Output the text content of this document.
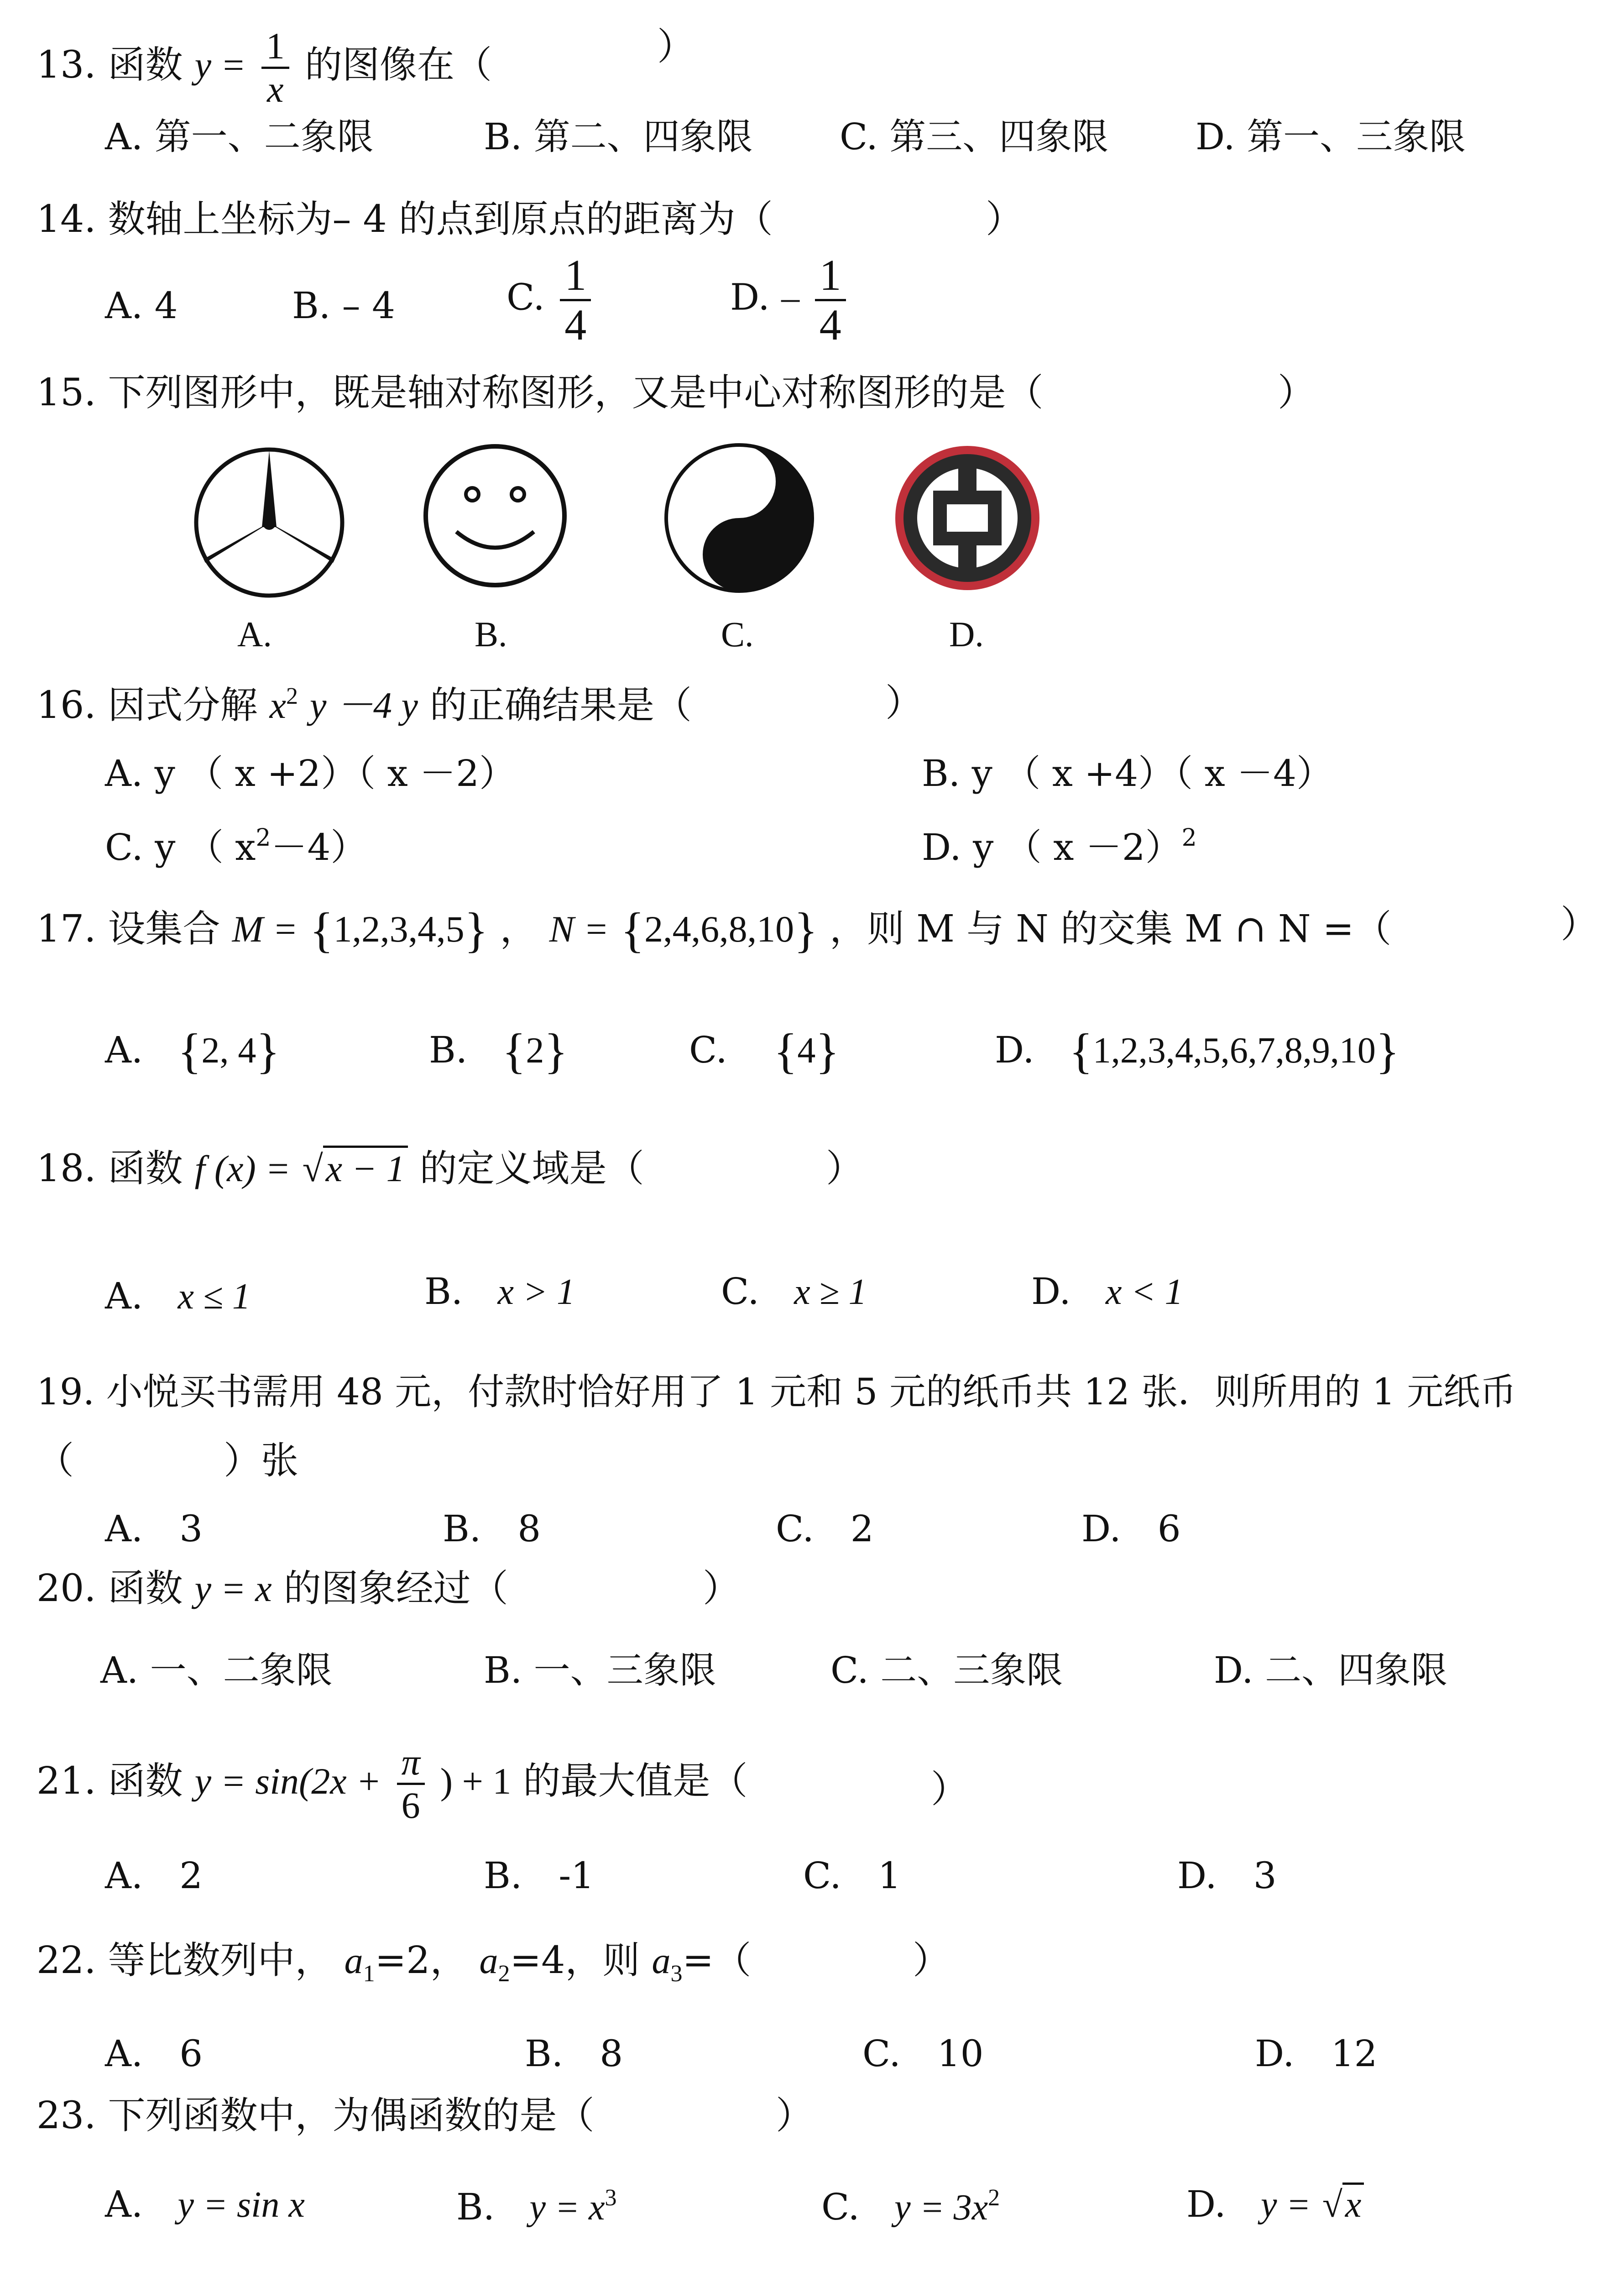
13. 函数 $y = \frac{1}{x}$ 的图像在（	）
A. 第一、二象限	B. 第二、四象限 C. 第三、四象限 D. 第一、三象限
14. 数轴上坐标为– 4 的点到原点的距离为（	）
A. 4	B. – 4	C. $\frac{1}{4}$	D. – $\frac{1}{4}$
15. 下列图形中，既是轴对称图形，又是中心对称图形的是（	）
A.	B.	C.	D.
16. 因式分解 $x^2$ y －4 y 的正确结果是（	）
A. y （ x +2）（ x －2）	B. y （ x +4）（ x －4）
C. y （ $x^2-4$）	D. y （ x －2）$^2$
17. 设集合 M = {1,2,3,4,5} ， N = {2,4,6,8,10} ，则 M 与 N 的交集 M ∩ N =（	）
A. {2, 4}	B. {2}	C. {4}	D. {1,2,3,4,5,6,7,8,9,10}
18. 函数 f (x) = √x − 1 的定义域是（	）
A. x ≤ 1	B. x > 1	C. x ≥ 1	D. x < 1
19. 小悦买书需用 48 元，付款时恰好用了 1 元和 5 元的纸币共 12 张．则所用的 1 元纸币
（　　　　）张
A.　3	B.　8	C.　2	D.　6
20. 函数 y = x 的图象经过（	）
A. 一、二象限	B. 一、三象限	C. 二、三象限	D. 二、四象限
21. 函数 $y = \sin(2x + \frac{\pi}{6}$ ) + 1 的最大值是（	）
A.　2	B.　-1	C.　1	D.　3
22. 等比数列中， $a_1=2$， $a_2=4$，则 $a_3=$（	）
A.　6	B.　8	C.　10	D.　12
23. 下列函数中，为偶函数的是（	）
A. y = sin x	B. $y = x^3$	C. $y = 3x^2$	D. y = √x
